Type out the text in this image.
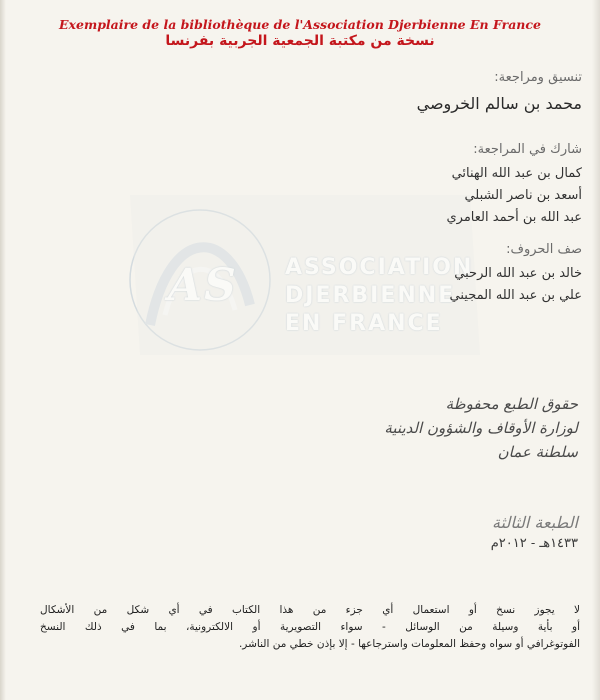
Exemplaire de la bibliothèque de l'Association Djerbienne En France
نسخة من مكتبة الجمعية الجربية بفرنسا
ASSOCIATION
DJERBIENNE
EN FRANCE
AS
تنسيق ومراجعة:
محمد بن سالم الخروصي
شارك في المراجعة:
كمال بن عبد الله الهنائي
أسعد بن ناصر الشبلي
عبد الله بن أحمد العامري
صف الحروف:
خالد بن عبد الله الرحبي
علي بن عبد الله المجيني
حقوق الطبع محفوظة
لوزارة الأوقاف والشؤون الدينية
سلطنة عمان
الطبعة الثالثة
١٤٣٣هـ - ٢٠١٢م
لا يجوز نسخ أو استعمال أي جزء من هذا الكتاب في أي شكل من الأشكال
أو بأية وسيلة من الوسائل - سواء التصويرية أو الالكترونية، بما في ذلك النسخ
الفوتوغرافي أو سواه وحفظ المعلومات واسترجاعها - إلا بإذن خطي من الناشر.
